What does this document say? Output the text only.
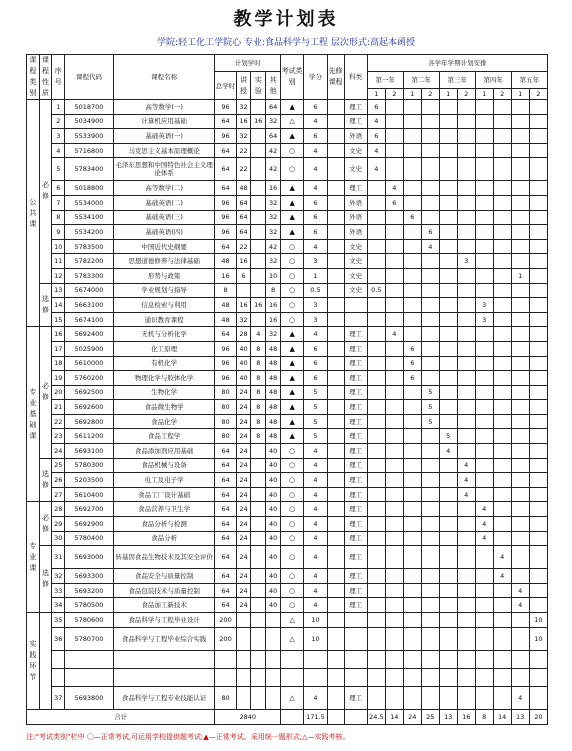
教学计划表
学院:轻工化工学院心 专业:食品科学与工程 层次形式:高起本函授
课程类别	课程性质	序号	课程代码	课程名称	计划学时				考试类别	学分	先修课程	科类	各学年学期计划安排									
					总学时	讲授	实验	其他					第一年		第二年		第三年		第四年		第五年	
													1	2	1	2	1	2	1	2	1	2
公共课	必修	1	5018700	高等数学(一)	96	32		64	▲	6		理工	6									
		2	5034900	计算机应用基础	64	16	16	32	△	4		理工	4									
		3	5533900	基础英语(一)	96	32		64	▲	6		外语	6									
		4	5716800	马克思主义基本原理概论	64	22		42	○	4		文史	4									
		5	5783400	毛泽东思想和中国特色社会主义理论体系	64	22		42	○	4		文史	4									
		6	5018800	高等数学(二)	64	48		16	▲	4		理工		4								
		7	5534000	基础英语(二)	96	64		32	▲	6		外语		6								
		8	5534100	基础英语(三)	96	64		32	▲	6		外语			6							
		9	5534200	基础英语(四)	96	64		32	▲	6		外语				6						
		10	5783500	中国近代史纲要	64	22		42	○	4		文史				4						
		11	5782200	思想道德修养与法律基础	48	16		32	○	3		文史						3				
		12	5783300	形势与政策	16	6		10	○	1		文史									1	
	选修	13	5674000	学业规划与指导	8			8	○	0.5		文史	0.5									
		14	5663100	信息检索与利用	48	16	16	16	○	3									3			
		15	5674100	通识教育课程	48	32		16	○	3									3			
专业基础课	必修	16	5692400	无机与分析化学	64	28	4	32	▲	4		理工		4								
		17	5025900	化工原理	96	40	8	48	▲	6		理工			6							
		18	5610000	有机化学	96	40	8	48	▲	6		理工			6							
		19	5760200	物理化学与胶体化学	96	40	8	48	▲	6		理工			6							
		20	5692500	生物化学	80	24	8	48	▲	5		理工				5						
		21	5692600	食品微生物学	80	24	8	48	▲	5		理工				5						
		22	5692800	食品化学	80	24	8	48	▲	5		理工				5						
		23	5611200	食品工程学	80	24	8	48	▲	5		理工					5					
		24	5693100	食品添加剂应用基础	64	24		40	○	4		理工					4					
	选修	25	5780300	食品机械与设备	64	24		40	○	4		理工						4				
		26	5203500	电工及电子学	64	24		40	○	4		理工						4				
		27	5610400	食品工厂设计基础	64	24		40	○	4		理工						4				
专业课	必修	28	5692700	食品营养与卫生学	64	24		40	○	4		理工							4			
		29	5692900	食品分析与检测	64	24		40	○	4		理工							4			
		30	5780400	食品分析	64	24		40	○	4		理工							4			
	选修	31	5693000	转基因食品生物技术及其安全评价	64	24		40	○	4		理工								4		
		32	5693300	食品安全与质量控制	64	24		40	○	4		理工								4		
		33	5693200	食品包装技术与质量控制	64	24		40	○	4		理工									4	
		34	5780500	食品加工新技术	64	24		40	○	4		理工									4	
实践环节		35	5780600	食品科学与工程毕业设计	200				△	10												10
		36	5780700	食品科学与工程毕业综合实践	200				△	10												10

		37	5693800	食品科学与工程专业技能认证	80				△	4		理工									4	
合计					2840					171.5			24.5	14	24	25	13	16	8	14	13	20
注:“考试类别”栏中 〇—正常考试,可运用学校提供题考试;▲—正常考试、采用统一题形式;△—实践考核。
